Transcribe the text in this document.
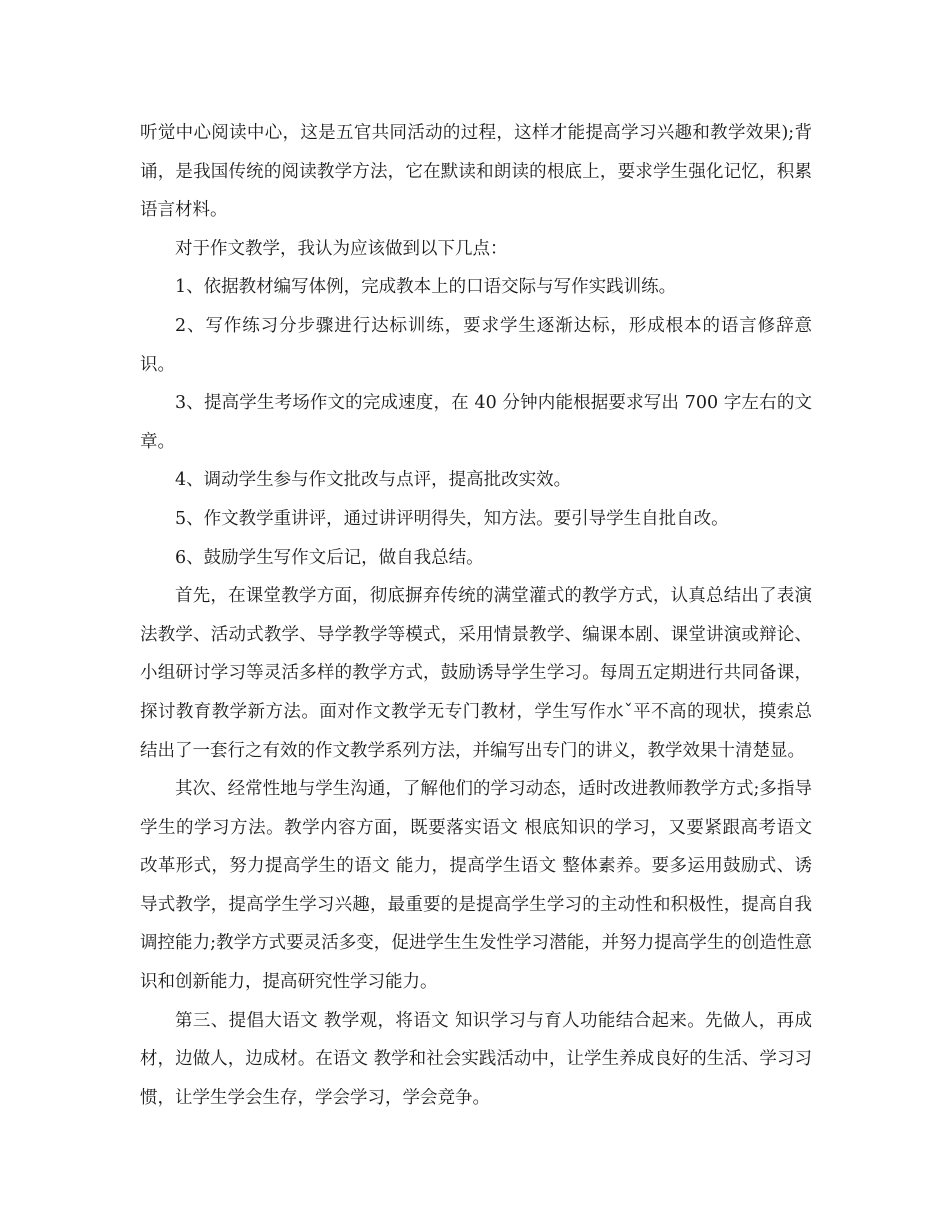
听觉中心阅读中心，这是五官共同活动的过程，这样才能提高学习兴趣和教学效果);背诵，是我国传统的阅读教学方法，它在默读和朗读的根底上，要求学生强化记忆，积累语言材料。

对于作文教学，我认为应该做到以下几点：

1、依据教材编写体例，完成教本上的口语交际与写作实践训练。

2、写作练习分步骤进行达标训练，要求学生逐渐达标，形成根本的语言修辞意识。

3、提高学生考场作文的完成速度，在 40 分钟内能根据要求写出 700 字左右的文章。

4、调动学生参与作文批改与点评，提高批改实效。

5、作文教学重讲评，通过讲评明得失，知方法。要引导学生自批自改。

6、鼓励学生写作文后记，做自我总结。

首先，在课堂教学方面，彻底摒弃传统的满堂灌式的教学方式，认真总结出了表演法教学、活动式教学、导学教学等模式，采用情景教学、编课本剧、课堂讲演或辩论、小组研讨学习等灵活多样的教学方式，鼓励诱导学生学习。每周五定期进行共同备课，探讨教育教学新方法。面对作文教学无专门教材，学生写作水ˇ平不高的现状，摸索总结出了一套行之有效的作文教学系列方法，并编写出专门的讲义，教学效果十清楚显。

其次、经常性地与学生沟通，了解他们的学习动态，适时改进教师教学方式;多指导学生的学习方法。教学内容方面，既要落实语文 根底知识的学习，又要紧跟高考语文 改革形式，努力提高学生的语文 能力，提高学生语文 整体素养。要多运用鼓励式、诱导式教学，提高学生学习兴趣，最重要的是提高学生学习的主动性和积极性，提高自我调控能力;教学方式要灵活多变，促进学生生发性学习潜能，并努力提高学生的创造性意识和创新能力，提高研究性学习能力。

第三、提倡大语文 教学观，将语文 知识学习与育人功能结合起来。先做人，再成材，边做人，边成材。在语文 教学和社会实践活动中，让学生养成良好的生活、学习习惯，让学生学会生存，学会学习，学会竞争。
